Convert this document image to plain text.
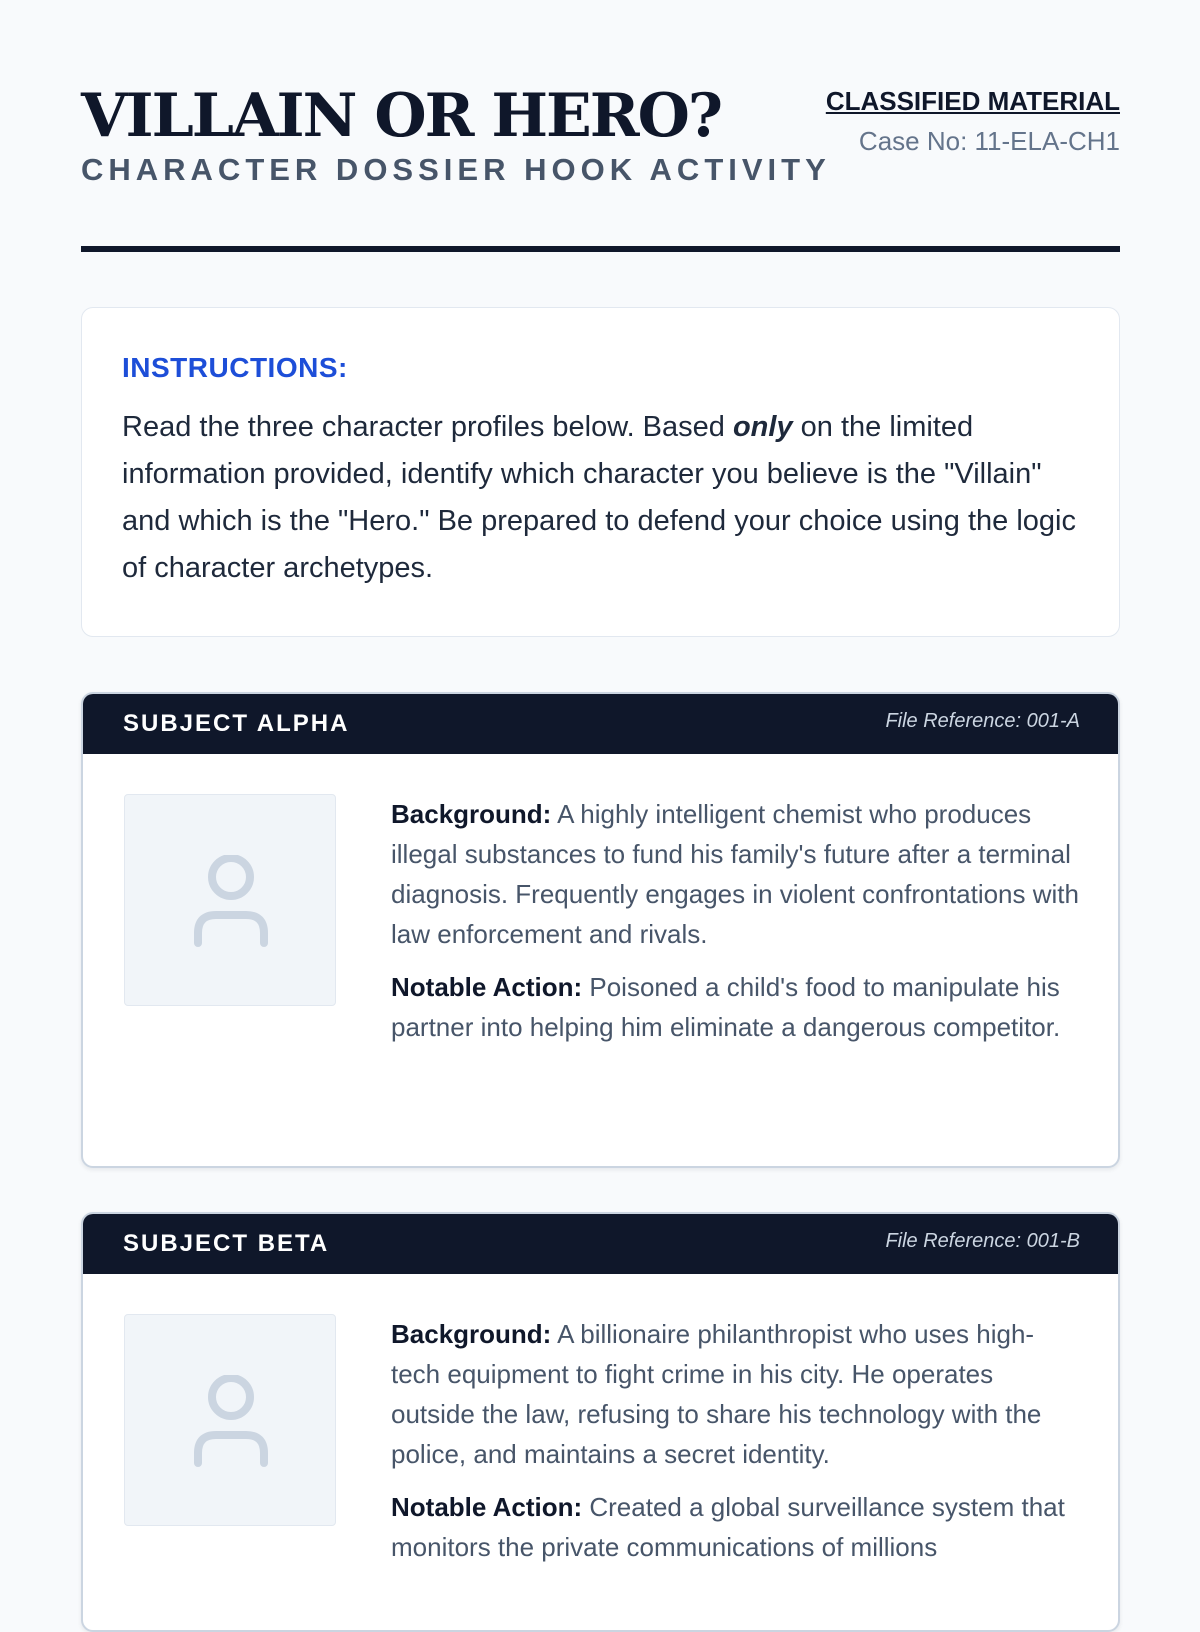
VILLAIN OR HERO?
CHARACTER DOSSIER HOOK ACTIVITY
CLASSIFIED MATERIAL
Case No: 11-ELA-CH1
INSTRUCTIONS:

Read the three character profiles below. Based only on the limited information provided, identify which character you believe is the "Villain" and which is the "Hero." Be prepared to defend your choice using the logic of character archetypes.

SUBJECT ALPHA	File Reference: 001-A

Background: A highly intelligent chemist who produces illegal substances to fund his family's future after a terminal diagnosis. Frequently engages in violent confrontations with law enforcement and rivals.

Notable Action: Poisoned a child's food to manipulate his partner into helping him eliminate a dangerous competitor.

SUBJECT BETA	File Reference: 001-B

Background: A billionaire philanthropist who uses high-tech equipment to fight crime in his city. He operates outside the law, refusing to share his technology with the police, and maintains a secret identity.

Notable Action: Created a global surveillance system that monitors the private communications of millions
